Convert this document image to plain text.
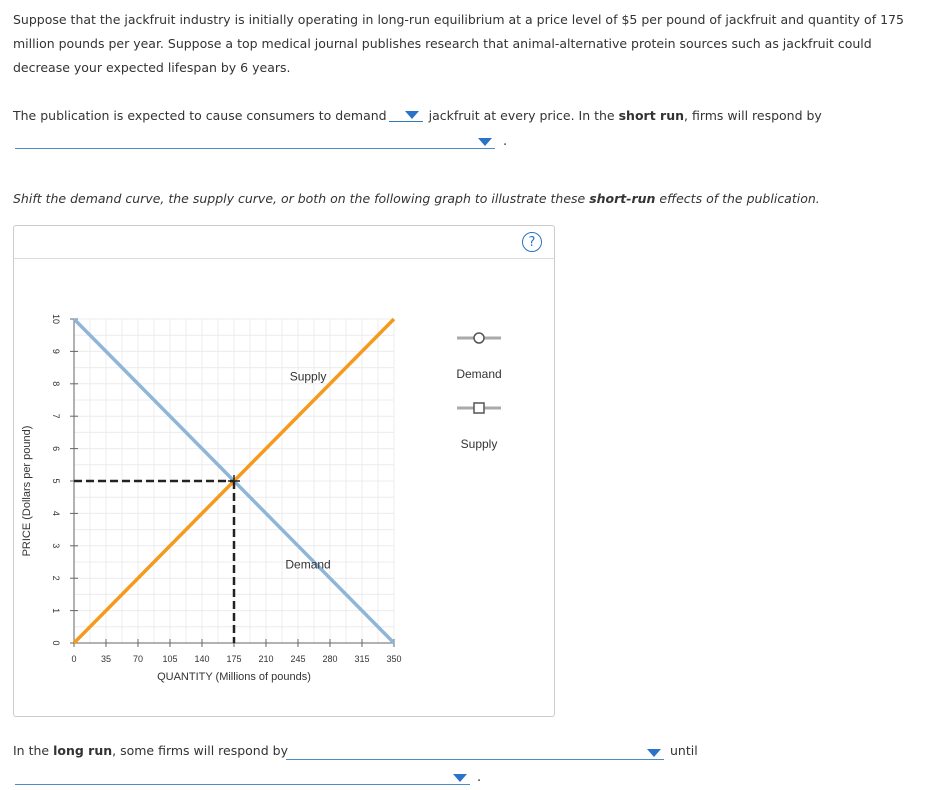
Suppose that the jackfruit industry is initially operating in long-run equilibrium at a price level of $5 per pound of jackfruit and quantity of 175 million pounds per year. Suppose a top medical journal publishes research that animal-alternative protein sources such as jackfruit could decrease your expected lifespan by 6 years.
The publication is expected to cause consumers to demand	jackfruit at every price. In the short run, firms will respond by
.
Shift the demand curve, the supply curve, or both on the following graph to illustrate these short-run effects of the publication.
?
0	35 70 105 140 175 210 245 280 315 350
0
1
2
3
4
5
6
7
8
9
10
QUANTITY (Millions of pounds)
PRICE (Dollars per pound)
Supply
Demand
Demand
Supply
In the long run, some firms will respond by	until
.
